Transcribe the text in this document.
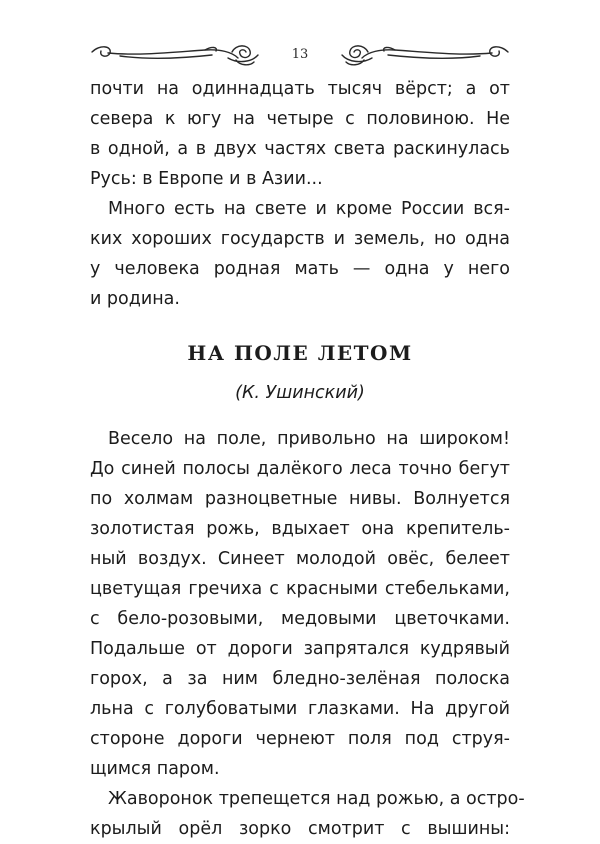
13
почти на одиннадцать тысяч вёрст; а от
севера к югу на четыре с половиною. Не
в одной, а в двух частях света раскинулась
Русь: в Европе и в Азии...
Много есть на свете и кроме России вся-
ких хороших государств и земель, но одна
у человека родная мать — одна у него
и родина.
НА ПОЛЕ ЛЕТОМ
(К. Ушинский)
Весело на поле, привольно на широком!
До синей полосы далёкого леса точно бегут
по холмам разноцветные нивы. Волнуется
золотистая рожь, вдыхает она крепитель-
ный воздух. Синеет молодой овёс, белеет
цветущая гречиха с красными стебельками,
с бело-розовыми, медовыми цветочками.
Подальше от дороги запрятался кудрявый
горох, а за ним бледно-зелёная полоска
льна с голубоватыми глазками. На другой
стороне дороги чернеют поля под струя-
щимся паром.
Жаворонок трепещется над рожью, а остро-
крылый орёл зорко смотрит с вышины:
